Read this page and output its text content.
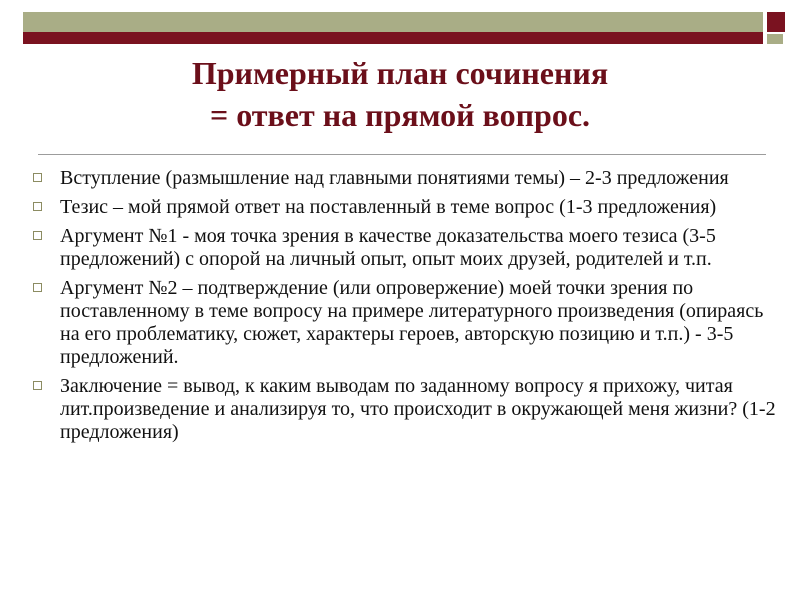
Примерный план сочинения
= ответ на прямой вопрос.
Вступление (размышление над главными понятиями темы) – 2-3 предложения
Тезис – мой прямой ответ на поставленный в теме вопрос (1-3 предложения)
Аргумент №1 - моя точка зрения в качестве доказательства моего тезиса (3-5 предложений) с опорой на личный опыт, опыт моих друзей, родителей и т.п.
Аргумент №2 – подтверждение (или опровержение) моей точки зрения по поставленному в теме вопросу на примере литературного произведения (опираясь на его проблематику, сюжет, характеры героев, авторскую позицию и т.п.) - 3-5 предложений.
Заключение = вывод, к каким выводам по заданному вопросу я прихожу, читая лит.произведение и анализируя то, что происходит в окружающей меня жизни? (1-2 предложения)
